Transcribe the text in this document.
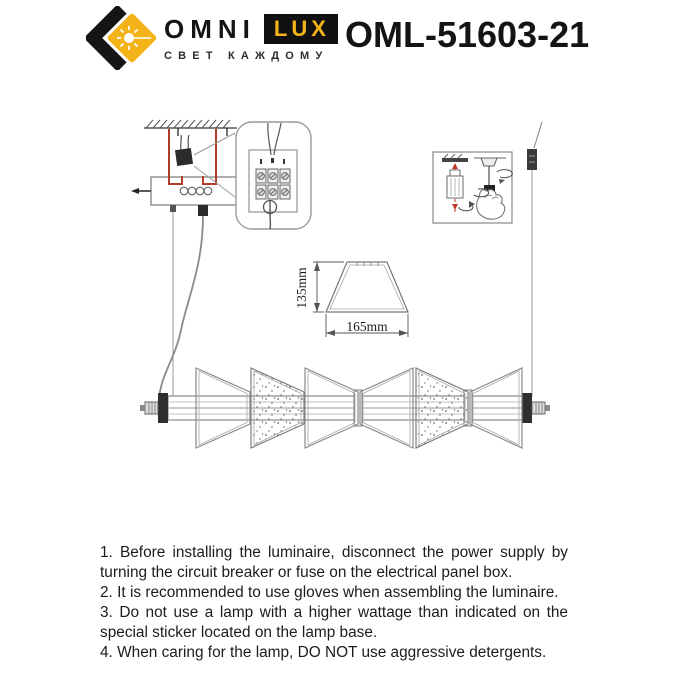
OMNI LUX
СВЕТ КАЖДОМУ
OML-51603-21
135mm
165mm

1. Before installing the luminaire, disconnect the power supply by turning the circuit breaker or fuse on the electrical panel box.

2. It is recommended to use gloves when assembling the luminaire.

3. Do not use a lamp with a higher wattage than indicated on the special sticker located on the lamp base.

4. When caring for the lamp, DO NOT use aggressive detergents.
